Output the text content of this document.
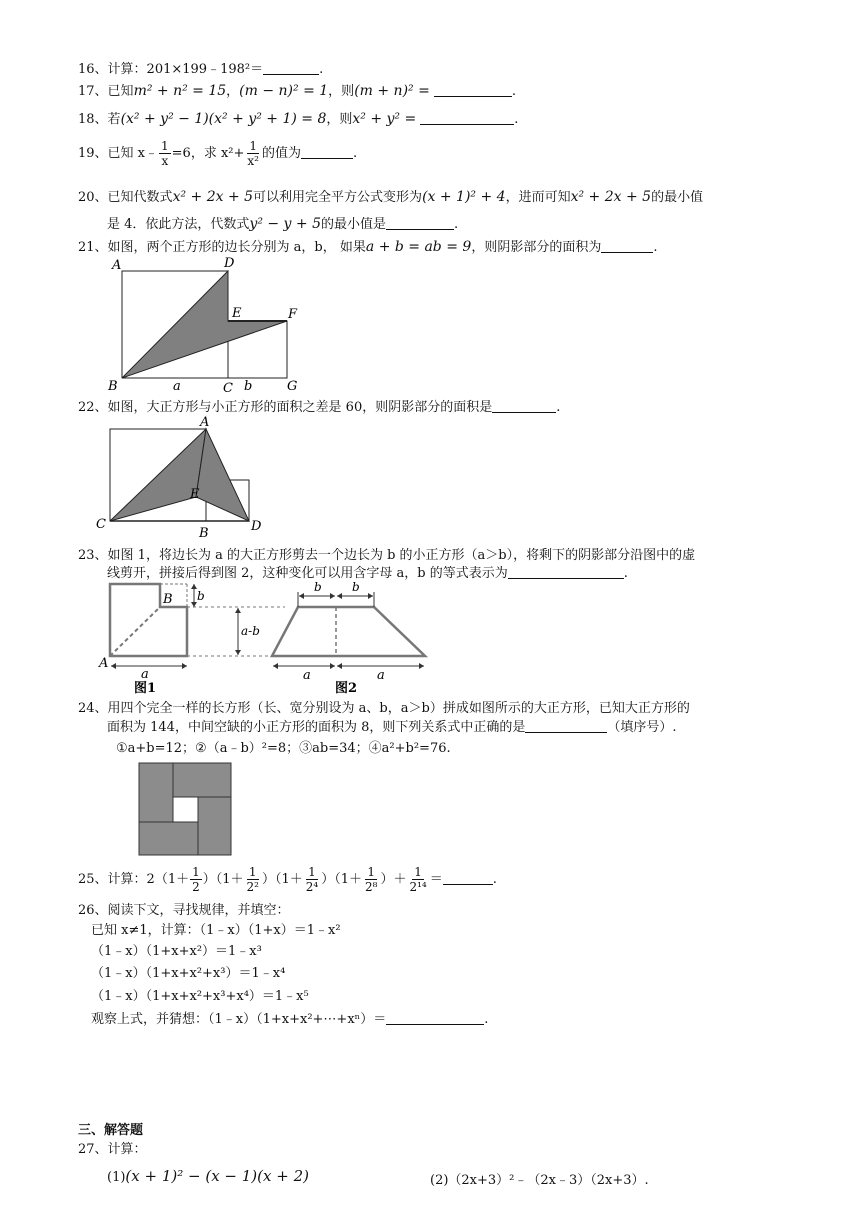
16、计算：201×199﹣198²＝	.
17、已知m² + n² = 15，(m − n)² = 1，则(m + n)² =	.
18、若(x² + y² − 1)(x² + y² + 1) = 8，则x² + y² =	.
19、已知 x﹣ $\frac{1}{x} =6$，求 $x^2+ \frac{1}{\text{x²}}$ 的值为	.
20、已知代数式x² + 2x + 5可以利用完全平方公式变形为(x + 1)² + 4，进而可知x² + 2x + 5的最小值
是 4．依此方法，代数式y² − y + 5的最小值是	.
21、如图，两个正方形的边长分别为 a，b， 如果a + b = ab = 9，则阴影部分的面积为	.
A	D
E	F
B	C	G
a	b
22、如图，大正方形与小正方形的面积之差是 60，则阴影部分的面积是	.
A
E
C
B	D
23、如图 1，将边长为 a 的大正方形剪去一个边长为 b 的小正方形（a＞b），将剩下的阴影部分沿图中的虚
线剪开，拼接后得到图 2，这种变化可以用含字母 a，b 的等式表示为	.
B b
a-b
A
a
图1
b	b
a	a
图2
24、用四个完全一样的长方形（长、宽分别设为 a、b，a＞b）拼成如图所示的大正方形，已知大正方形的
面积为 144，中间空缺的小正方形的面积为 8，则下列关系式中正确的是	（填序号）.
①a+b=12；②（a﹣b）²=8；③ab=34；④a²+b²=76.
25、计算：$2(1+ \frac{1}{2} )(1+ \frac{1}{\text{2²}} )(1+ \frac{1}{\text{2⁴}} )(1+ \frac{1}{\text{2⁸}}$ ）＋ $\frac{1}{\text{2¹⁴}}$ ＝	.
26、阅读下文，寻找规律，并填空：
已知 x≠1，计算：（1﹣x）（1+x）＝1﹣x²
（1﹣x）（1+x+x²）＝1﹣x³
（1﹣x）（1+x+x²+x³）＝1﹣x⁴
（1﹣x）（1+x+x²+x³+x⁴）＝1﹣x⁵
观察上式，并猜想：（1﹣x）（1+x+x²+⋯+xⁿ）＝	.
三、解答题
27、计算：
(1)(x + 1)² − (x − 1)(x + 2)	(2)（2x+3）²﹣（2x﹣3）（2x+3）.
